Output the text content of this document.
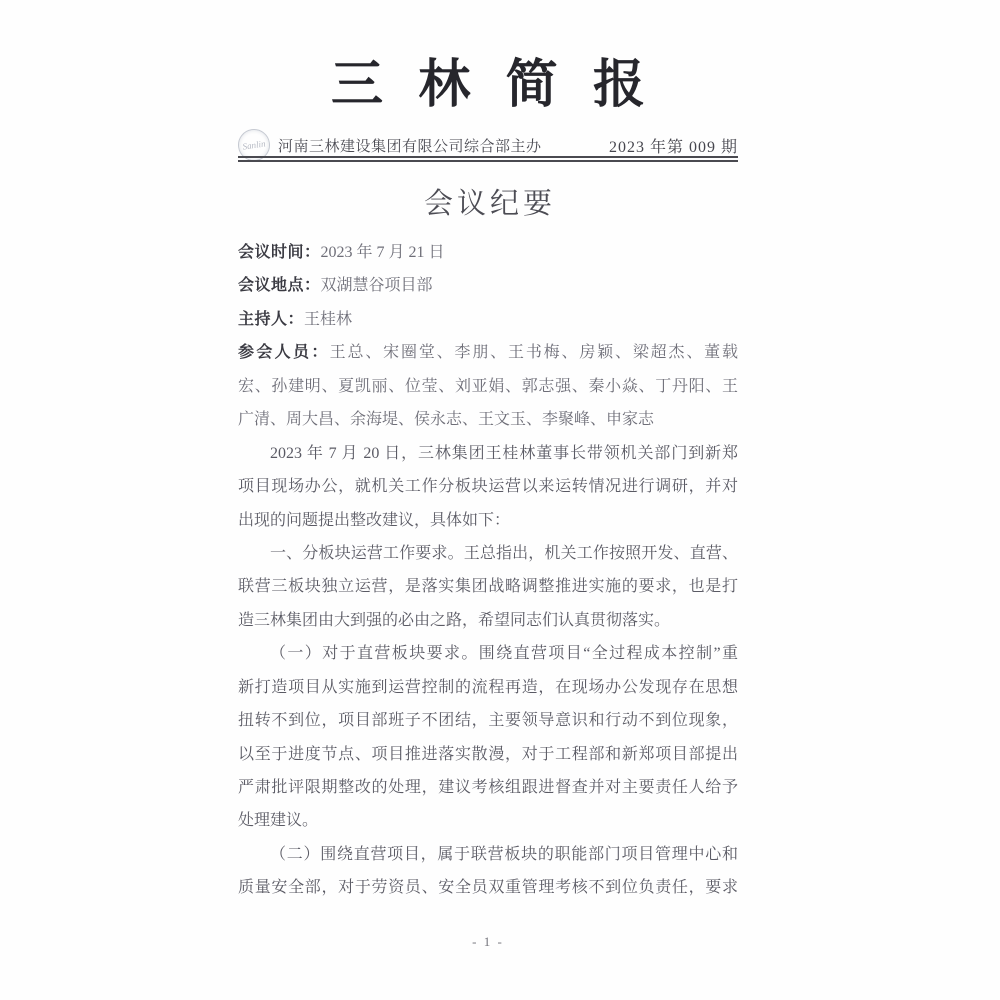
三林简报
Sanlin 河南三林建设集团有限公司综合部主办	2023 年第 009 期
会议纪要
会议时间：2023 年 7 月 21 日
会议地点：双湖慧谷项目部
主持人：王桂林
参会人员：王总、宋圈堂、李朋、王书梅、房颖、梁超杰、董载
宏、孙建明、夏凯丽、位莹、刘亚娟、郭志强、秦小焱、丁丹阳、王
广清、周大昌、余海堤、侯永志、王文玉、李聚峰、申家志
2023 年 7 月 20 日，三林集团王桂林董事长带领机关部门到新郑
项目现场办公，就机关工作分板块运营以来运转情况进行调研，并对
出现的问题提出整改建议，具体如下：
一、分板块运营工作要求。王总指出，机关工作按照开发、直营、
联营三板块独立运营，是落实集团战略调整推进实施的要求，也是打
造三林集团由大到强的必由之路，希望同志们认真贯彻落实。
（一）对于直营板块要求。围绕直营项目“全过程成本控制”重
新打造项目从实施到运营控制的流程再造，在现场办公发现存在思想
扭转不到位，项目部班子不团结，主要领导意识和行动不到位现象，
以至于进度节点、项目推进落实散漫，对于工程部和新郑项目部提出
严肃批评限期整改的处理，建议考核组跟进督查并对主要责任人给予
处理建议。
（二）围绕直营项目，属于联营板块的职能部门项目管理中心和
质量安全部，对于劳资员、安全员双重管理考核不到位负责任，要求
- 1 -
